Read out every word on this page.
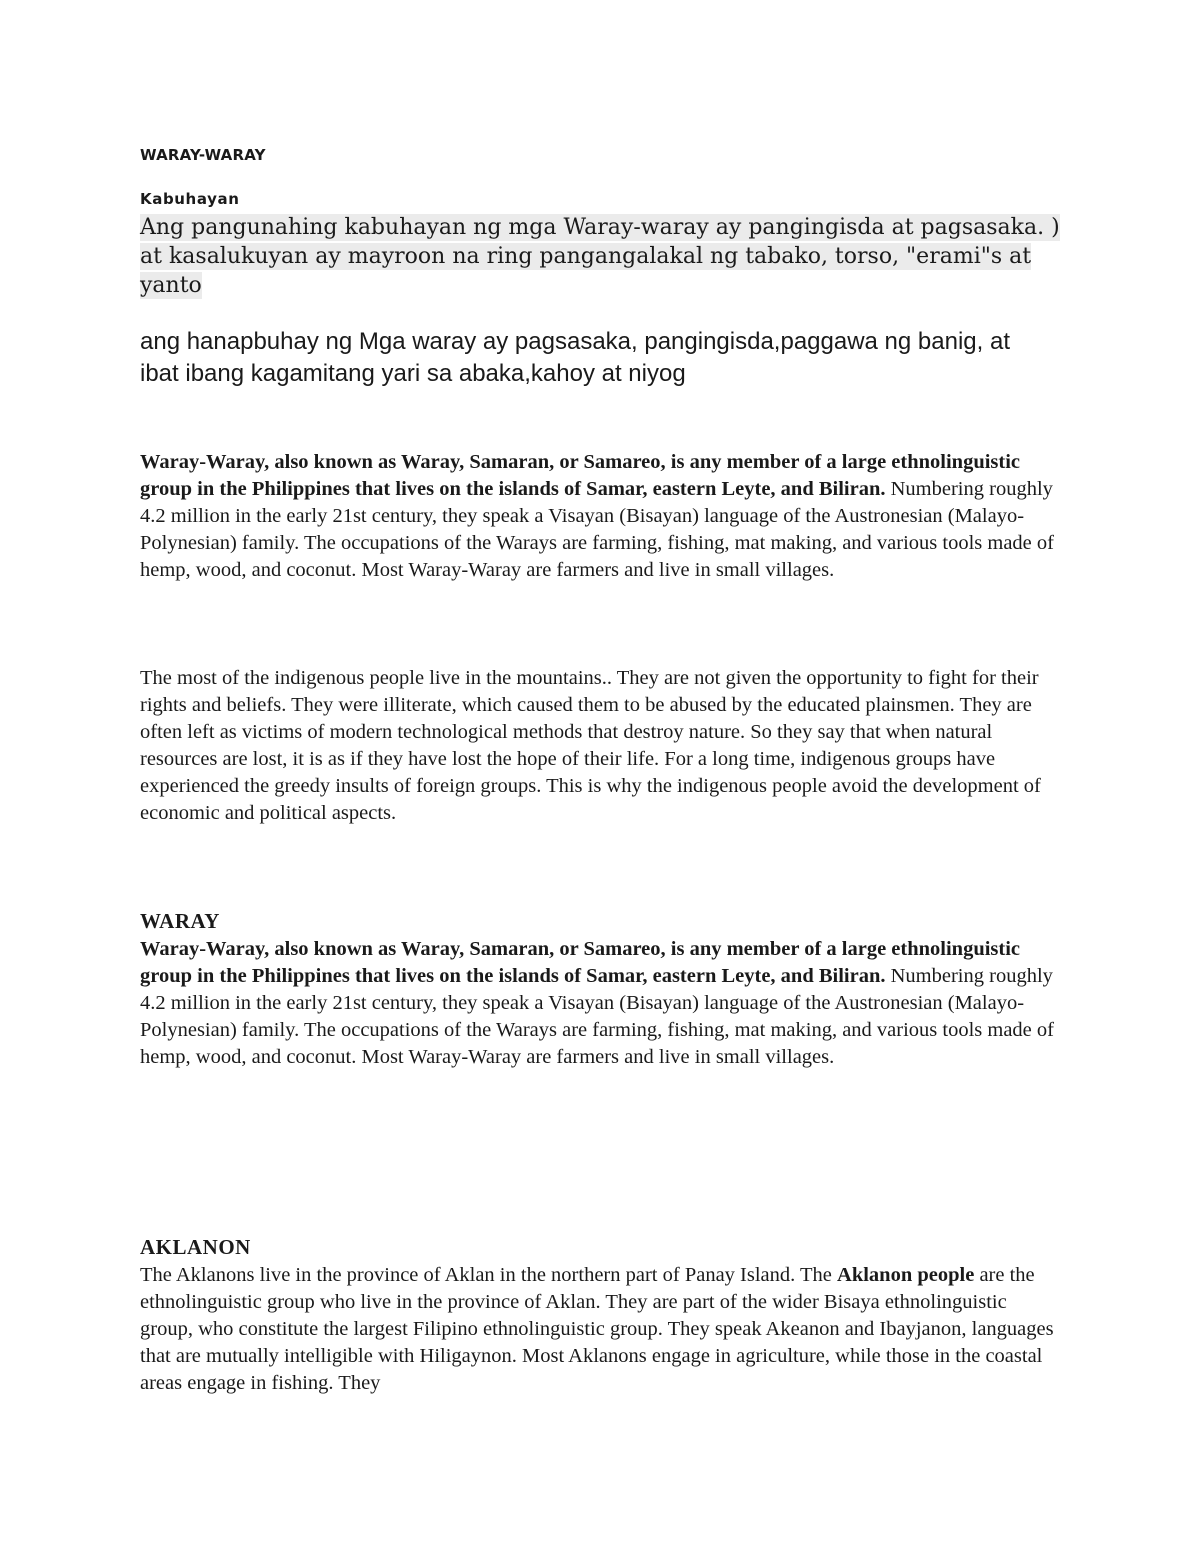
WARAY-WARAY
Kabuhayan
Ang pangunahing kabuhayan ng mga Waray-waray ay pangingisda at pagsasaka. ) at kasalukuyan ay mayroon na ring pangangalakal ng tabako, torso, "erami"s at yanto
ang hanapbuhay ng Mga waray ay pagsasaka, pangingisda,paggawa ng banig, at ibat ibang kagamitang yari sa abaka,kahoy at niyog

Waray-Waray, also known as Waray, Samaran, or Samareo, is any member of a large ethnolinguistic group in the Philippines that lives on the islands of Samar, eastern Leyte, and Biliran. Numbering roughly 4.2 million in the early 21st century, they speak a Visayan (Bisayan) language of the Austronesian (Malayo-Polynesian) family. The occupations of the Warays are farming, fishing, mat making, and various tools made of hemp, wood, and coconut. Most Waray-Waray are farmers and live in small villages.

The most of the indigenous people live in the mountains.. They are not given the opportunity to fight for their rights and beliefs. They were illiterate, which caused them to be abused by the educated plainsmen. They are often left as victims of modern technological methods that destroy nature. So they say that when natural resources are lost, it is as if they have lost the hope of their life. For a long time, indigenous groups have experienced the greedy insults of foreign groups. This is why the indigenous people avoid the development of economic and political aspects.

WARAY

Waray-Waray, also known as Waray, Samaran, or Samareo, is any member of a large ethnolinguistic group in the Philippines that lives on the islands of Samar, eastern Leyte, and Biliran. Numbering roughly 4.2 million in the early 21st century, they speak a Visayan (Bisayan) language of the Austronesian (Malayo-Polynesian) family. The occupations of the Warays are farming, fishing, mat making, and various tools made of hemp, wood, and coconut. Most Waray-Waray are farmers and live in small villages.

AKLANON

The Aklanons live in the province of Aklan in the northern part of Panay Island. The Aklanon people are the ethnolinguistic group who live in the province of Aklan. They are part of the wider Bisaya ethnolinguistic group, who constitute the largest Filipino ethnolinguistic group. They speak Akeanon and Ibayjanon, languages that are mutually intelligible with Hiligaynon. Most Aklanons engage in agriculture, while those in the coastal areas engage in fishing. They
